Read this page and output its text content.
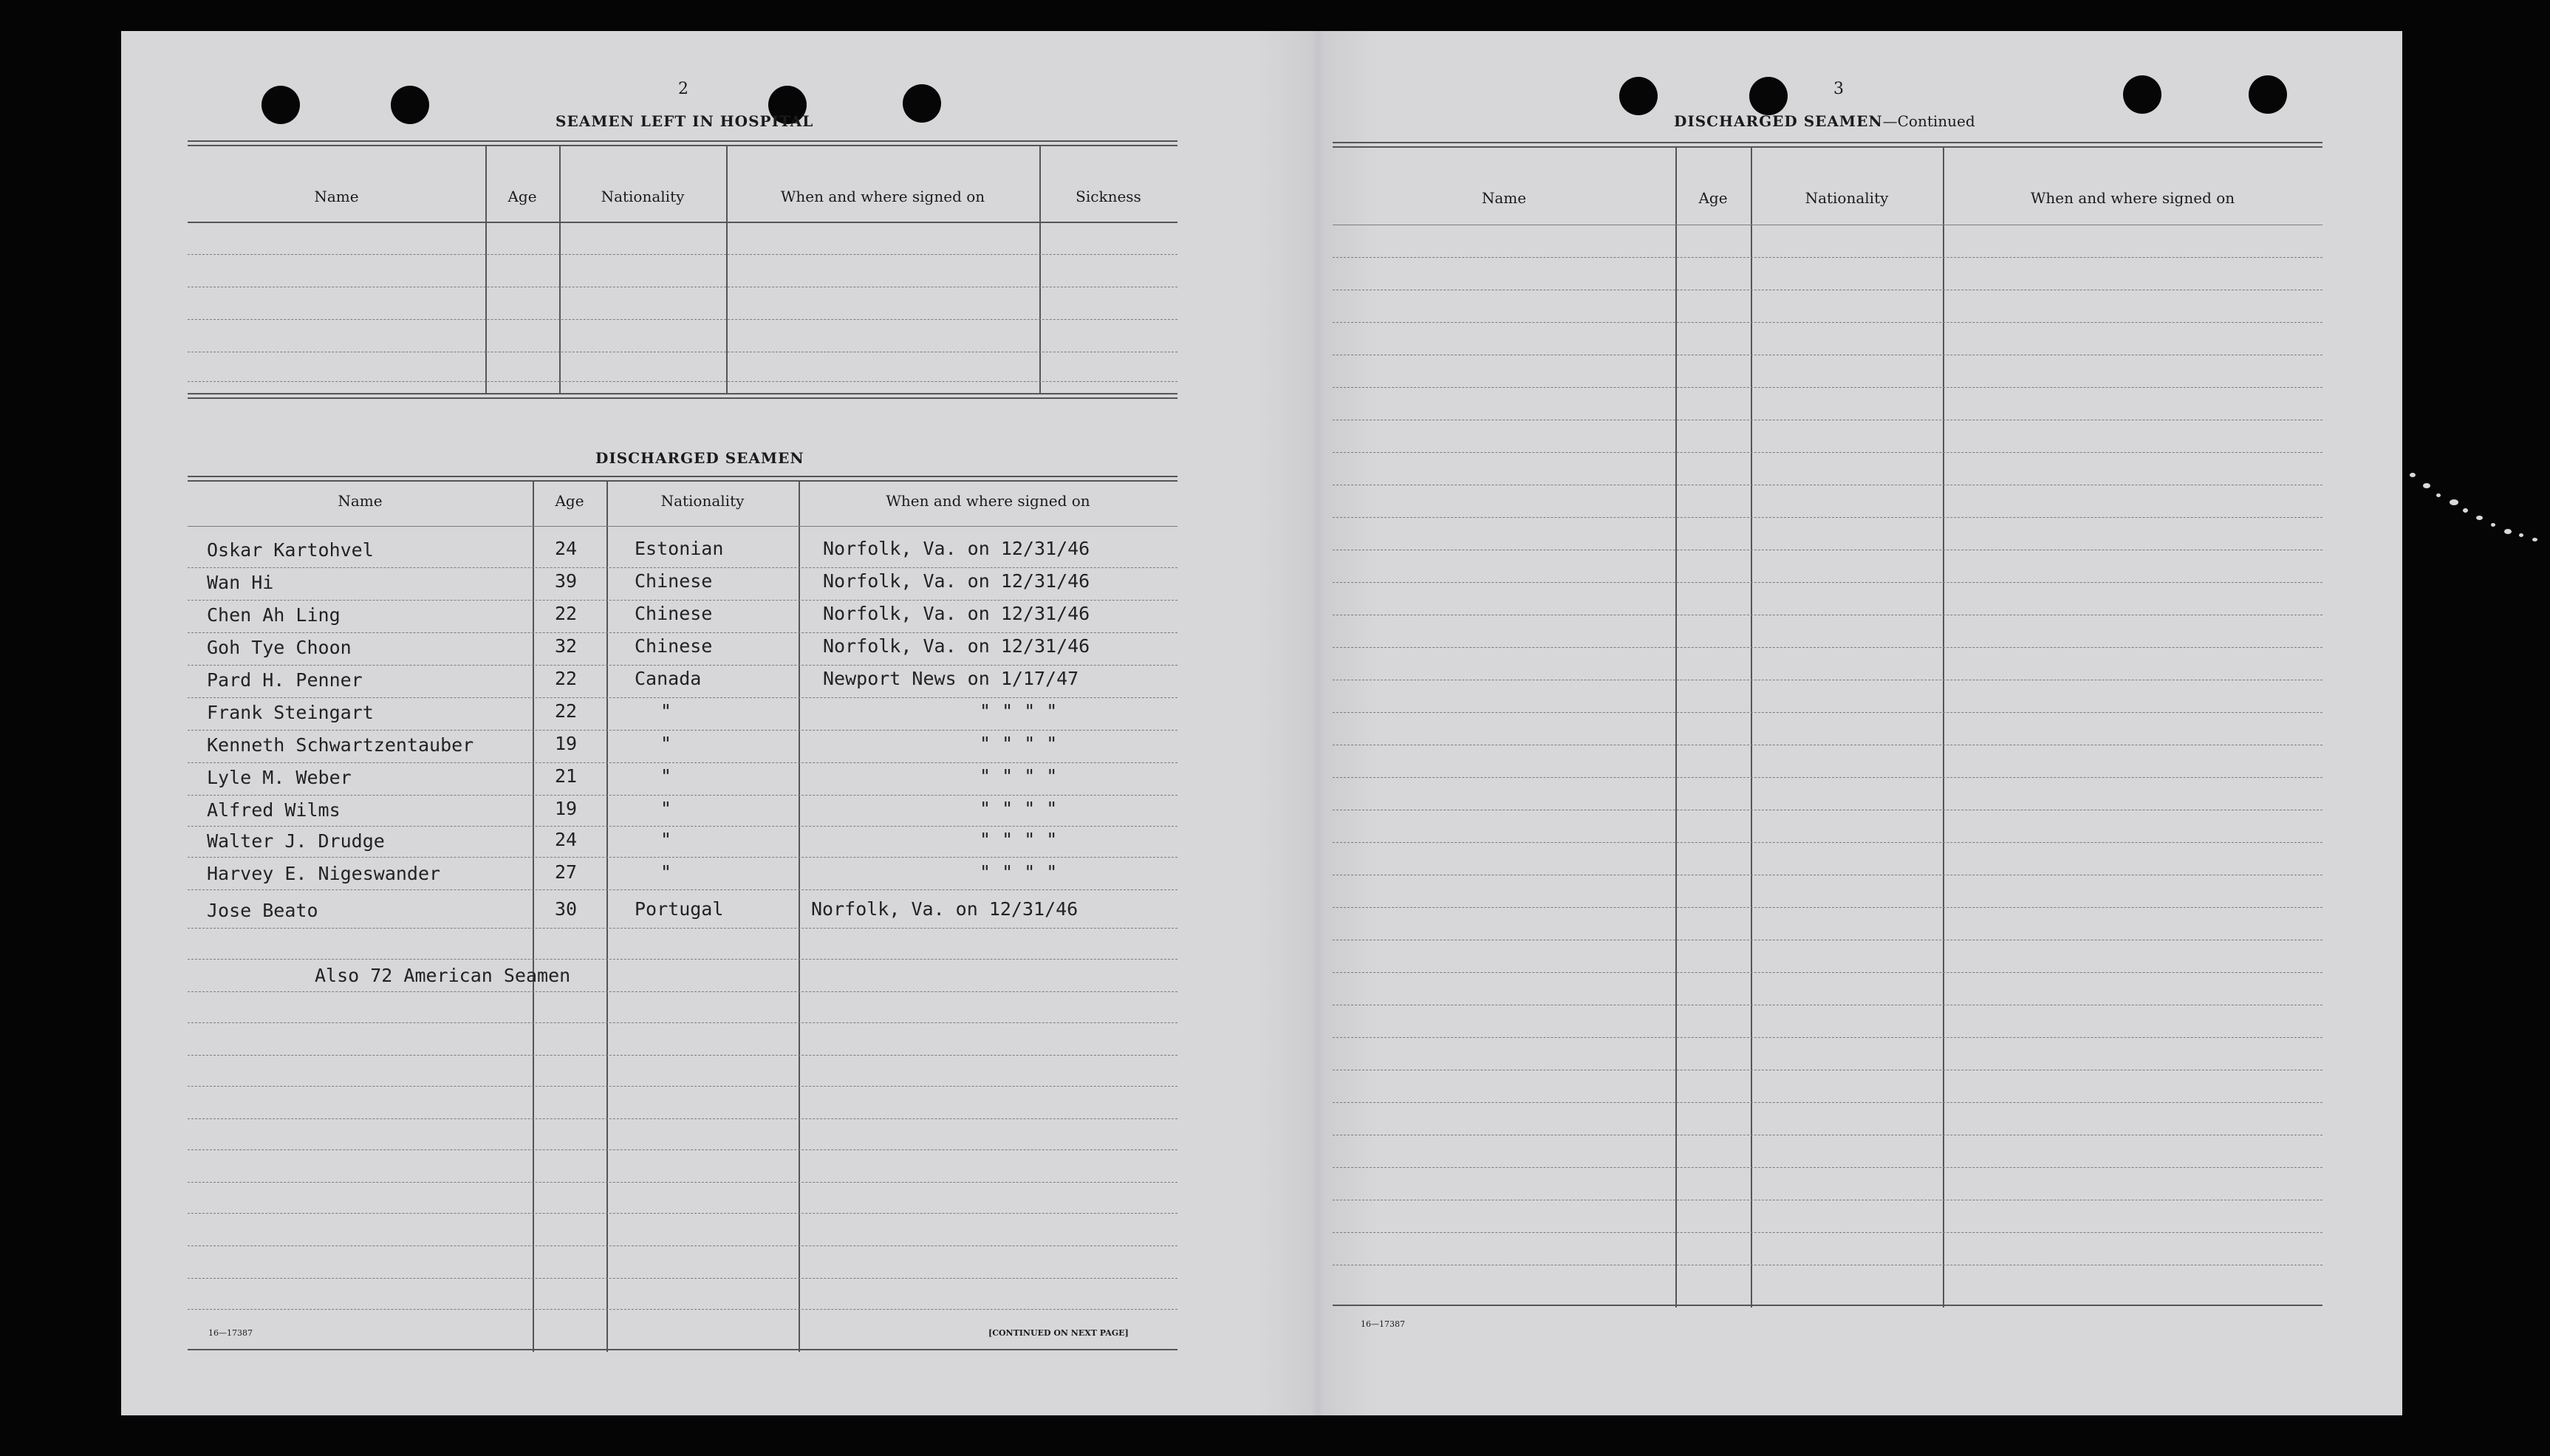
2
SEAMEN LEFT IN HOSPITAL
Name	Age	Nationality	When and where signed on	Sickness
DISCHARGED SEAMEN
Name	Age	Nationality	When and where signed on
Oskar Kartohvel	24	Estonian	Norfolk, Va. on 12/31/46
Wan Hi	39	Chinese	Norfolk, Va. on 12/31/46
Chen Ah Ling	22	Chinese	Norfolk, Va. on 12/31/46
Goh Tye Choon	32	Chinese	Norfolk, Va. on 12/31/46
Pard H. Penner	22	Canada	Newport News on 1/17/47
Frank Steingart	22	"	" " " "
Kenneth Schwartzentauber	19	"	" " " "
Lyle M. Weber	21	"	" " " "
Alfred Wilms	19	"	" " " "
Walter J. Drudge	24	"	" " " "
Harvey E. Nigeswander	27	"	" " " "
Jose Beato	30	Portugal	Norfolk, Va. on 12/31/46
Also 72 American Seamen
16—17387	[CONTINUED ON NEXT PAGE]
3
DISCHARGED SEAMEN—Continued
Name	Age	Nationality	When and where signed on
16—17387
